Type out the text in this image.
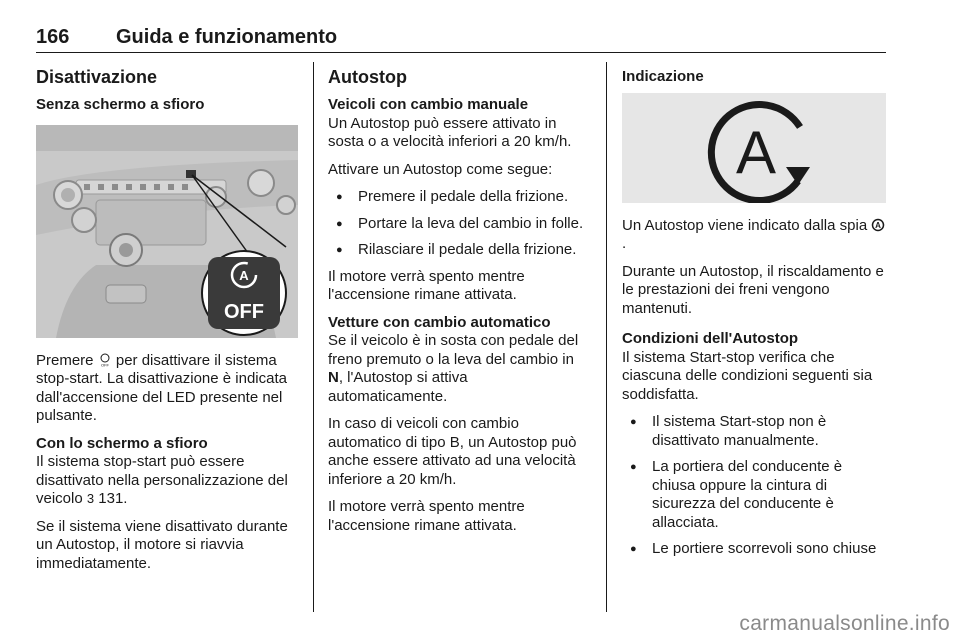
166 Guida e funzionamento
Disattivazione
Senza schermo a sfioro
A
OFF

Premere OFF per disattivare il sistema stop-start. La disattivazione è indicata dall'accensione del LED presente nel pulsante.

Con lo schermo a sfioro

Il sistema stop-start può essere disattivato nella personalizzazione del veicolo 3 131.

Se il sistema viene disattivato durante un Autostop, il motore si riavvia immediatamente.

Autostop
Veicoli con cambio manuale

Un Autostop può essere attivato in sosta o a velocità inferiori a 20 km/h.

Attivare un Autostop come segue:

● Premere il pedale della frizione.
● Portare la leva del cambio in folle.
● Rilasciare il pedale della frizione.

Il motore verrà spento mentre l'accensione rimane attivata.

Vetture con cambio automatico

Se il veicolo è in sosta con pedale del freno premuto o la leva del cambio in N, l'Autostop si attiva automaticamente.

In caso di veicoli con cambio automatico di tipo B, un Autostop può anche essere attivato ad una velocità inferiore a 20 km/h.

Il motore verrà spento mentre l'accensione rimane attivata.

Indicazione
A

Un Autostop viene indicato dalla spia A
.

Durante un Autostop, il riscaldamento e le prestazioni dei freni vengono mantenuti.

Condizioni dell'Autostop

Il sistema Start-stop verifica che ciascuna delle condizioni seguenti sia soddisfatta.

● Il sistema Start-stop non è disattivato manualmente.
● La portiera del conducente è chiusa oppure la cintura di sicurezza del conducente è allacciata.
● Le portiere scorrevoli sono chiuse
carmanualsonline.info
